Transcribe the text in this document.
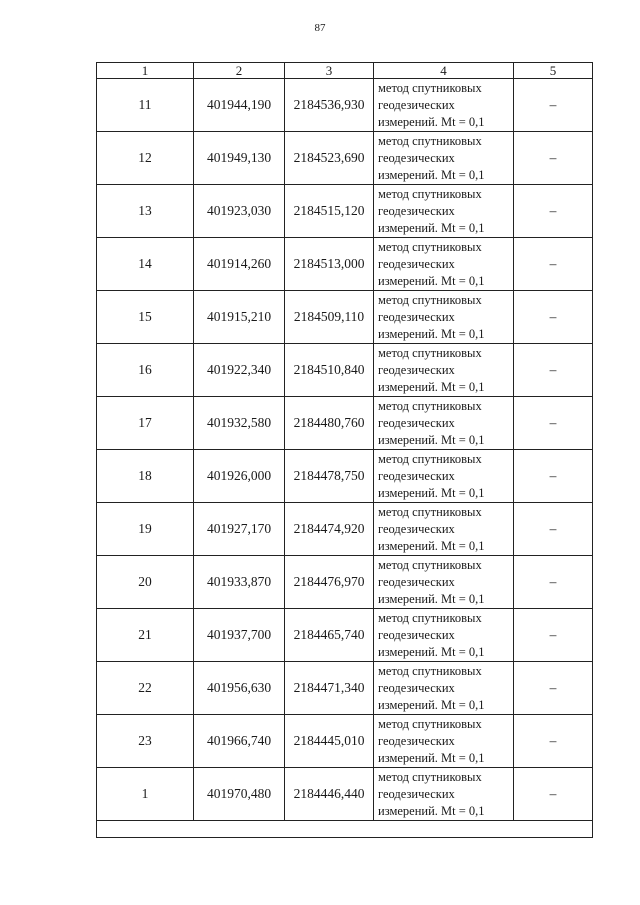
87
1	2	3	4	5
11	401944,190	2184536,930	метод спутниковых
геодезических
измерений. Mt = 0,1	–
12	401949,130	2184523,690	метод спутниковых
геодезических
измерений. Mt = 0,1	–
13	401923,030	2184515,120	метод спутниковых
геодезических
измерений. Mt = 0,1	–
14	401914,260	2184513,000	метод спутниковых
геодезических
измерений. Mt = 0,1	–
15	401915,210	2184509,110	метод спутниковых
геодезических
измерений. Mt = 0,1	–
16	401922,340	2184510,840	метод спутниковых
геодезических
измерений. Mt = 0,1	–
17	401932,580	2184480,760	метод спутниковых
геодезических
измерений. Mt = 0,1	–
18	401926,000	2184478,750	метод спутниковых
геодезических
измерений. Mt = 0,1	–
19	401927,170	2184474,920	метод спутниковых
геодезических
измерений. Mt = 0,1	–
20	401933,870	2184476,970	метод спутниковых
геодезических
измерений. Mt = 0,1	–
21	401937,700	2184465,740	метод спутниковых
геодезических
измерений. Mt = 0,1	–
22	401956,630	2184471,340	метод спутниковых
геодезических
измерений. Mt = 0,1	–
23	401966,740	2184445,010	метод спутниковых
геодезических
измерений. Mt = 0,1	–
1	401970,480	2184446,440	метод спутниковых
геодезических
измерений. Mt = 0,1	–
